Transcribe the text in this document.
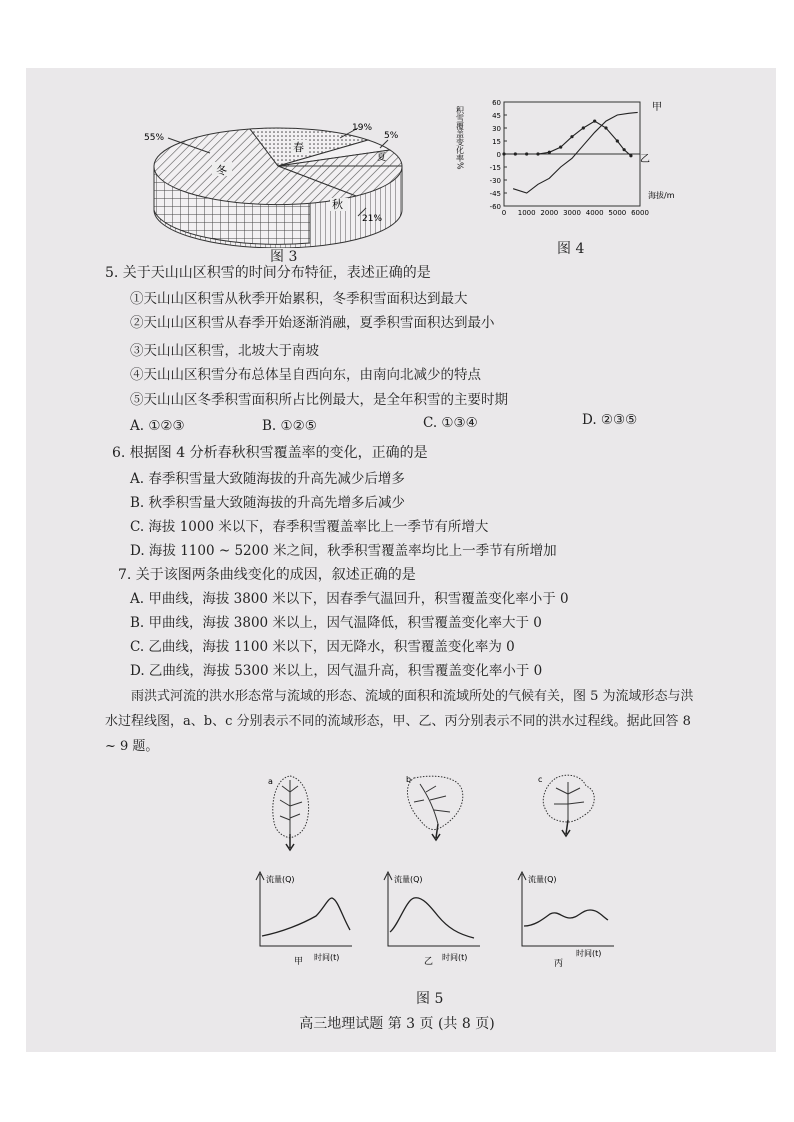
冬
春
夏
秋
55%
19%
5%
21%
图 3
积雪覆盖变化率%
60
45
30
15
0
-15
-30
-45
-60
0 1000 2000 3000 4000 5000 6000
甲
乙
海拔/m
图 4
5. 关于天山山区积雪的时间分布特征，表述正确的是
①天山山区积雪从秋季开始累积，冬季积雪面积达到最大
②天山山区积雪从春季开始逐渐消融，夏季积雪面积达到最小
③天山山区积雪，北坡大于南坡
④天山山区积雪分布总体呈自西向东，由南向北减少的特点
⑤天山山区冬季积雪面积所占比例最大，是全年积雪的主要时期
A. ①②③	B. ①②⑤	C. ①③④	D. ②③⑤
6. 根据图 4 分析春秋积雪覆盖率的变化，正确的是
A. 春季积雪量大致随海拔的升高先减少后增多
B. 秋季积雪量大致随海拔的升高先增多后减少
C. 海拔 1000 米以下，春季积雪覆盖率比上一季节有所增大
D. 海拔 1100 ~ 5200 米之间，秋季积雪覆盖率均比上一季节有所增加
7. 关于该图两条曲线变化的成因，叙述正确的是
A. 甲曲线，海拔 3800 米以下，因春季气温回升，积雪覆盖变化率小于 0
B. 甲曲线，海拔 3800 米以上，因气温降低，积雪覆盖变化率大于 0
C. 乙曲线，海拔 1100 米以下，因无降水，积雪覆盖变化率为 0
D. 乙曲线，海拔 5300 米以上，因气温升高，积雪覆盖变化率小于 0
雨洪式河流的洪水形态常与流域的形态、流域的面积和流域所处的气候有关，图 5 为流域形态与洪水过程线图，a、b、c 分别表示不同的流域形态，甲、乙、丙分别表示不同的洪水过程线。据此回答 8 ~ 9 题。
a	b	c
流量(Q)
时间(t)
甲
流量(Q)
时间(t)
乙
流量(Q)
时间(t)
丙
图 5
高三地理试题 第 3 页 (共 8 页)
